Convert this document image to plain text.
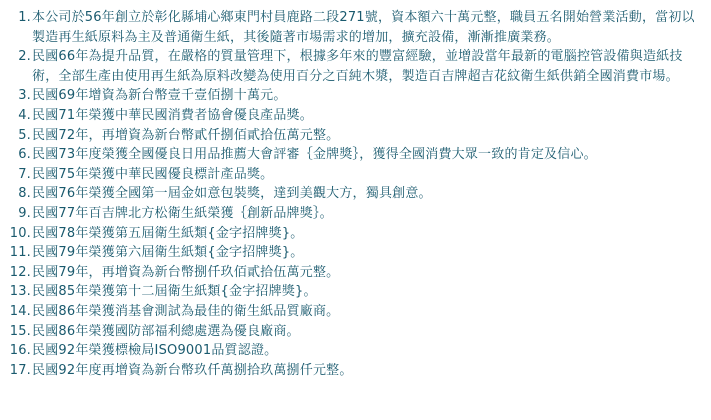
1. 本公司於56年創立於彰化縣埔心鄉東門村員鹿路二段271號，資本額六十萬元整，職員五名開始營業活動，當初以製造再生紙原料為主及普通衛生紙，其後隨著市場需求的增加，擴充設備，漸漸推廣業務。
2. 民國66年為提升品質，在嚴格的質量管理下，根據多年來的豐富經驗，並增設當年最新的電腦控管設備與造紙技術，全部生產由使用再生紙為原料改變為使用百分之百純木漿，製造百吉牌超吉花紋衛生紙供銷全國消費市場。
3. 民國69年增資為新台幣壹千壹佰捌十萬元。
4. 民國71年榮獲中華民國消費者協會優良產品獎。
5. 民國72年，再增資為新台幣貳仟捌佰貳拾伍萬元整。
6. 民國73年度榮獲全國優良日用品推薦大會評審｛金牌獎｝，獲得全國消費大眾一致的肯定及信心。
7. 民國75年榮獲中華民國優良標計產品獎。
8. 民國76年榮獲全國第一屆金如意包裝獎，達到美觀大方，獨具創意。
9. 民國77年百吉牌北方松衛生紙榮獲｛創新品牌獎｝。
10. 民國78年榮獲第五屆衛生紙類{金字招牌獎}。
11. 民國79年榮獲第六屆衛生紙類{金字招牌獎}。
12. 民國79年，再增資為新台幣捌仟玖佰貳拾伍萬元整。
13. 民國85年榮獲第十二屆衛生紙類{金字招牌獎}。
14. 民國86年榮獲消基會測試為最佳的衛生紙品質廠商。
15. 民國86年榮獲國防部福利總處選為優良廠商。
16. 民國92年榮獲標檢局ISO9001品質認證。
17. 民國92年度再增資為新台幣玖仟萬捌拾玖萬捌仟元整。
